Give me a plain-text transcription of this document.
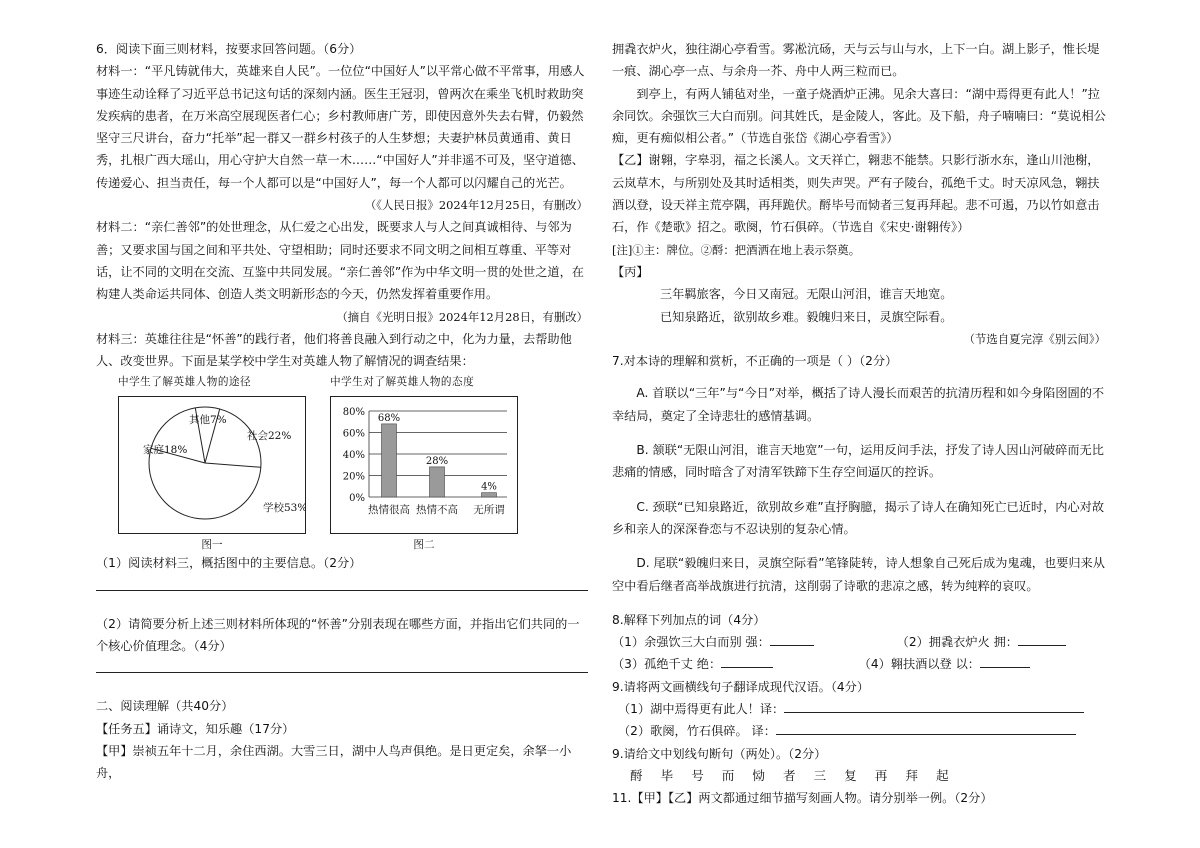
6．阅读下面三则材料，按要求回答问题。（6分）

材料一：“平凡铸就伟大，英雄来自人民”。一位位“中国好人”以平常心做不平常事，用感人事迹生动诠释了习近平总书记这句话的深刻内涵。医生王冠羽，曾两次在乘坐飞机时救助突发疾病的患者，在万米高空展现医者仁心；乡村教师唐广芳，即使因意外失去右臂，仍毅然坚守三尺讲台，奋力“托举”起一群又一群乡村孩子的人生梦想；夫妻护林员黄通甫、黄日秀，扎根广西大瑶山，用心守护大自然一草一木……“中国好人”并非遥不可及，坚守道德、传递爱心、担当责任，每一个人都可以是“中国好人”，每一个人都可以闪耀自己的光芒。

（《人民日报》2024年12月25日，有删改）

材料二：“亲仁善邻”的处世理念，从仁爱之心出发，既要求人与人之间真诚相待、与邻为善；又要求国与国之间和平共处、守望相助；同时还要求不同文明之间相互尊重、平等对话，让不同的文明在交流、互鉴中共同发展。“亲仁善邻”作为中华文明一贯的处世之道，在构建人类命运共同体、创造人类文明新形态的今天，仍然发挥着重要作用。

（摘自《光明日报》2024年12月28日，有删改）

材料三：英雄往往是“怀善”的践行者，他们将善良融入到行动之中，化为力量，去帮助他人、改变世界。下面是某学校中学生对英雄人物了解情况的调查结果：

中学生了解英雄人物的途径
其他7%
社会22%
家庭18%
学校53%
图一
中学生对了解英雄人物的态度
80%
60%
40%
20%
0%
68%
热情很高
28%
热情不高
4%
无所谓
图二

（1）阅读材料三，概括图中的主要信息。（2分）

（2）请简要分析上述三则材料所体现的“怀善”分别表现在哪些方面，并指出它们共同的一个核心价值理念。（4分）

二、阅读理解（共40分）

【任务五】诵诗文，知乐趣（17分）

【甲】崇祯五年十二月，余住西湖。大雪三日，湖中人鸟声俱绝。是日更定矣，余拏一小舟，

拥毳衣炉火，独往湖心亭看雪。雾凇沆砀，天与云与山与水，上下一白。湖上影子，惟长堤一痕、湖心亭一点、与余舟一芥、舟中人两三粒而已。

到亭上，有两人铺毡对坐，一童子烧酒炉正沸。见余大喜曰：“湖中焉得更有此人！”拉余同饮。余强饮三大白而别。问其姓氏，是金陵人，客此。及下船，舟子喃喃曰：“莫说相公痴，更有痴似相公者。”（节选自张岱《湖心亭看雪》）

【乙】谢翱，字皋羽，福之长溪人。文天祥亡，翱悲不能禁。只影行浙水东，逢山川池榭，云岚草木，与所别处及其时适相类，则失声哭。严有子陵台，孤绝千丈。时天凉风急，翱扶酒以登，设天祥主荒亭隅，再拜跪伏。酹毕号而恸者三复再拜起。悲不可遏，乃以竹如意击石，作《楚歌》招之。歌阕，竹石俱碎。（节选自《宋史·谢翱传》）

[注]①主：牌位。②酹：把酒洒在地上表示祭奠。

【丙】

三年羁旅客，今日又南冠。无限山河泪，谁言天地宽。

已知泉路近，欲别故乡难。毅魄归来日，灵旗空际看。

（节选自夏完淳《别云间》）

7.对本诗的理解和赏析，不正确的一项是（ ）（2分）

A. 首联以“三年”与“今日”对举，概括了诗人漫长而艰苦的抗清历程和如今身陷囹圄的不幸结局，奠定了全诗悲壮的感情基调。

B. 颔联“无限山河泪，谁言天地宽”一句，运用反问手法，抒发了诗人因山河破碎而无比悲痛的情感，同时暗含了对清军铁蹄下生存空间逼仄的控诉。

C. 颈联“已知泉路近，欲别故乡难”直抒胸臆，揭示了诗人在确知死亡已近时，内心对故乡和亲人的深深眷恋与不忍诀别的复杂心情。

D. 尾联“毅魄归来日，灵旗空际看”笔锋陡转，诗人想象自己死后成为鬼魂，也要归来从空中看后继者高举战旗进行抗清，这削弱了诗歌的悲凉之感，转为纯粹的哀叹。

8.解释下列加点的词（4分）

（1）余强饮三大白而别 强：	（2）拥毳衣炉火 拥：
（3）孤绝千丈 绝：	（4）翱扶酒以登 以：

9.请将两文画横线句子翻译成现代汉语。（4分）

（1）湖中焉得更有此人！译：

（2）歌阕，竹石俱碎。 译：

9.请给文中划线句断句（两处）。（2分）

酹 毕 号 而 恸 者 三 复 再 拜 起

11.【甲】【乙】两文都通过细节描写刻画人物。请分别举一例。（2分）
